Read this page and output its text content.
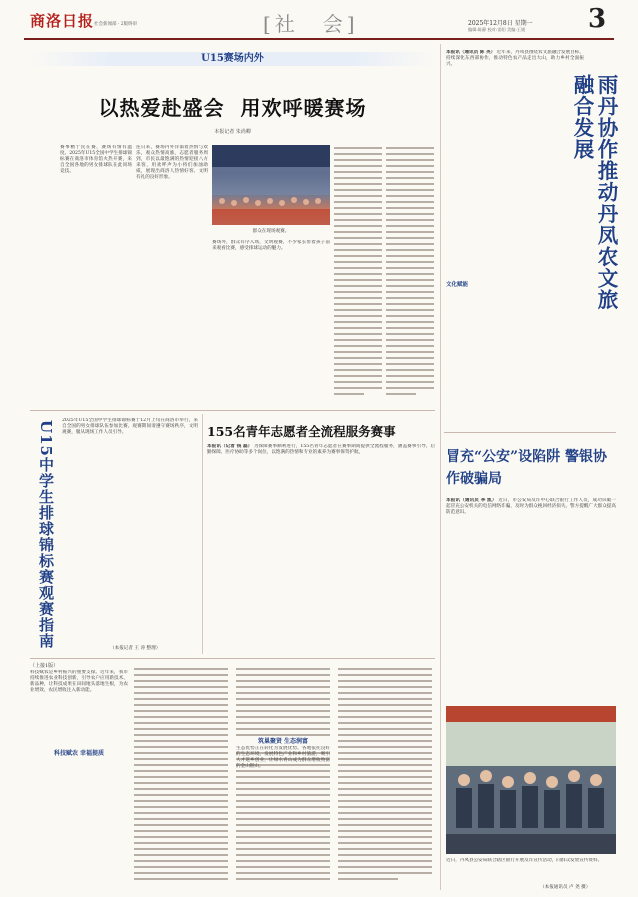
商洛日报 社会新闻部 · 2版终审	[社　会]	2025年12月8日 星期一
编辑:陈静 校对:雷阳 美编:王媛 3
U15赛场内外
以热爱赴盛会  用欢呼暖赛场
本报记者 朱尚卿
赛事精于民在赛，赛场有情有温度。2025年U15全国中学生排球锦标赛在商洛市体育馆火热开赛，来自全国各地的男女排球队在此同场竞技。
连日来，赛场内外洋溢着热情与欢乐，观众热情高涨，志愿者服务周到，市民以最饱满的热情迎接八方来客，用欢呼声为小将们加油助威，展现出商洛人热情好客、文明有礼的良好形象。
群众在现场观赛。
赛场外，群众有序入场，文明观赛，不少家长带着孩子前来观看比赛，感受排球运动的魅力。
U15中学生排球锦标赛观赛指南 2025年U15全国中学生排球锦标赛于12月上旬在商洛市举行，来自全国的男女排球队伍参加比赛。观赛期间请遵守赛场秩序，文明观赛，服从现场工作人员引导。
（本报记者 王 涛 整理）
155名青年志愿者全流程服务赛事
本报讯（记者 钱 磊） 为保障赛事顺利进行，155名青年志愿者在赛事期间提供全流程服务，涵盖赛事引导、后勤保障、医疗协助等多个岗位，以饱满的热情和专业的素养为赛事保驾护航。
（上接1版）
科技赋农是乡村振兴的重要支撑。近年来，我市持续推进农业科技创新，引导农户应用新技术、新品种，让科技成果在田间地头落地生根，为农业增效、农民增收注入新动能。
科技赋农 幸福提质
筑巢聚贤 生态润富
生态优势正在转化为发展优势。各地依托良好的生态环境，发展特色产业和乡村旅游，吸引人才返乡创业，让绿水青山成为群众增收致富的金山银山。
本报讯（通讯员 陈 英） 近年来，丹凤县围绕农文旅融合发展目标，持续深化东西部协作，推动特色农产品走出大山，助力乡村全面振兴。
雨丹协作推动丹凤农文旅融合发展
文化赋能
冒充“公安”设陷阱 警银协作破骗局
本报讯（通讯员 李 凯） 近日，市公安局反诈中心联合银行工作人员，成功识破一起冒充公安机关的电信网络诈骗，及时为群众挽回经济损失。警方提醒广大群众提高防范意识。
近日，丹凤县公安局联合辖区银行开展反诈宣传活动，向群众发放宣传资料。
（本报通讯员 卢 尧 摄）
